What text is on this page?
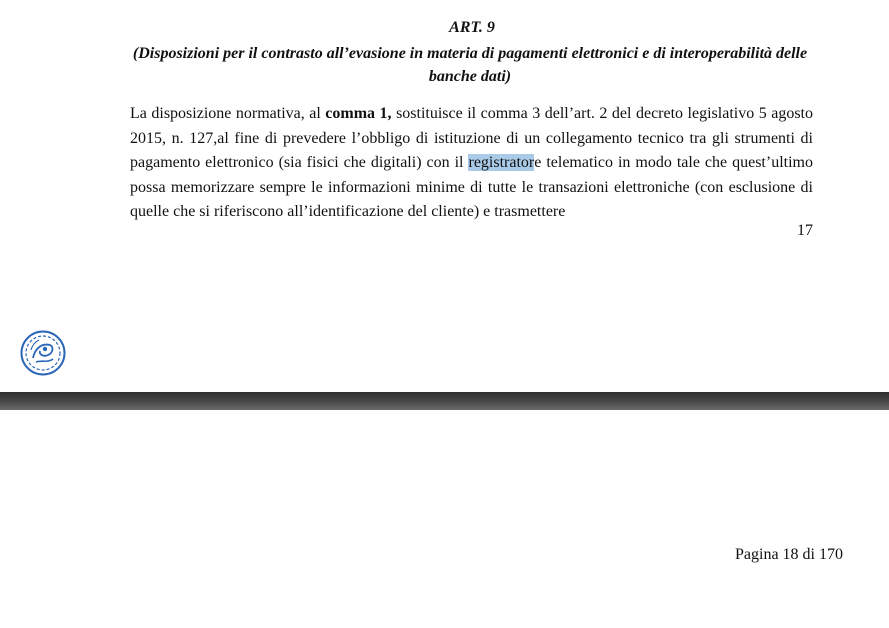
ART. 9
(Disposizioni per il contrasto all’evasione in materia di pagamenti elettronici e di interoperabilità delle banche dati)
La disposizione normativa, al comma 1, sostituisce il comma 3 dell’art. 2 del decreto legislativo 5 agosto 2015, n. 127,al fine di prevedere l’obbligo di istituzione di un collegamento tecnico tra gli strumenti di pagamento elettronico (sia fisici che digitali) con il registratore telematico in modo tale che quest’ultimo possa memorizzare sempre le informazioni minime di tutte le transazioni elettroniche (con esclusione di quelle che si riferiscono all’identificazione del cliente) e trasmettere
17
Pagina 18 di 170
